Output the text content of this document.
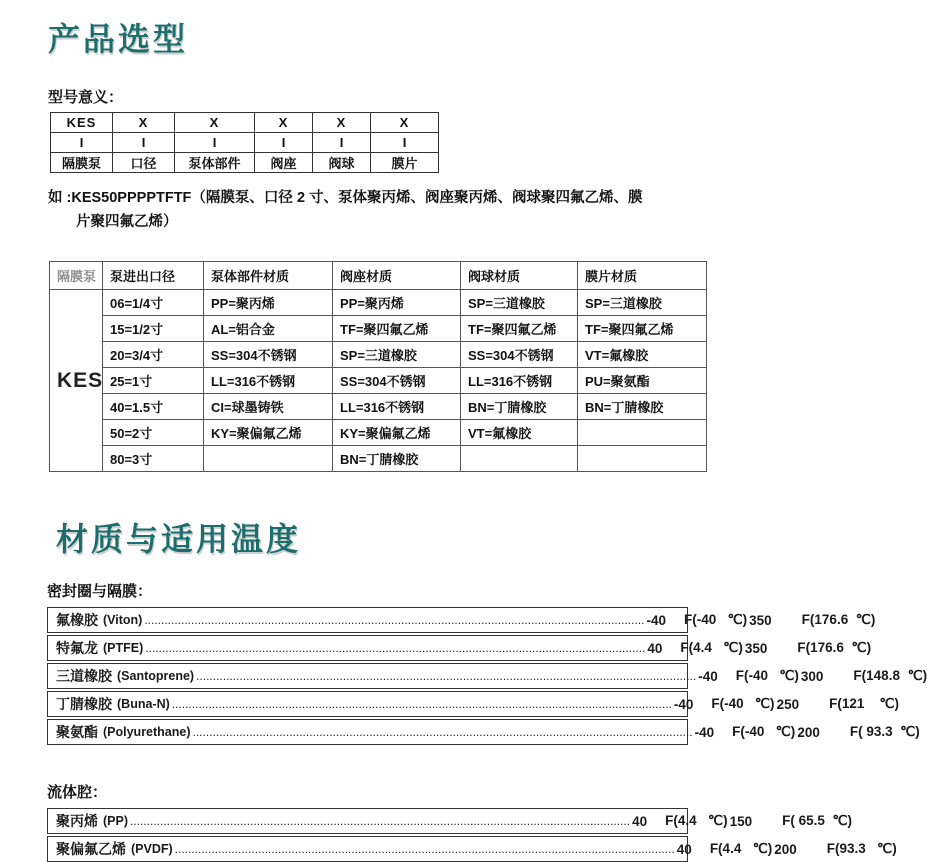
产品选型
型号意义：
KES	X	X	X	X	X
I	I	I	I	I	I
隔膜泵	口径	泵体部件	阀座	阀球	膜片
如 :KES50PPPPTFTF（隔膜泵、口径 2 寸、泵体聚丙烯、阀座聚丙烯、阀球聚四氟乙烯、膜
片聚四氟乙烯）
隔膜泵	泵进出口径	泵体部件材质	阀座材质	阀球材质	膜片材质
KES	06=1/4寸	PP=聚丙烯	PP=聚丙烯	SP=三道橡胶	SP=三道橡胶
	15=1/2寸	AL=铝合金	TF=聚四氟乙烯	TF=聚四氟乙烯	TF=聚四氟乙烯
	20=3/4寸	SS=304不锈钢	SP=三道橡胶	SS=304不锈钢	VT=氟橡胶
	25=1寸	LL=316不锈钢	SS=304不锈钢	LL=316不锈钢	PU=聚氨酯
	40=1.5寸	CI=球墨铸铁	LL=316不锈钢	BN=丁腈橡胶	BN=丁腈橡胶
	50=2寸	KY=聚偏氟乙烯	KY=聚偏氟乙烯	VT=氟橡胶	
	80=3寸		BN=丁腈橡胶		
材质与适用温度
密封圈与隔膜：
氟橡胶 (Viton) .....	-40 F(-40   ℃) 350 F(176.6  ℃)
特氟龙 (PTFE) .....	40 F(4.4   ℃) 350 F(176.6  ℃)
三道橡胶 (Santoprene) .....	-40 F(-40   ℃) 300 F(148.8  ℃)
丁腈橡胶 (Buna-N) .....	-40 F(-40   ℃) 250 F(121    ℃)
聚氨酯 (Polyurethane) .....	-40 F(-40   ℃) 200 F( 93.3  ℃)
流体腔：
聚丙烯 (PP) .....	40 F(4.4   ℃) 150 F( 65.5  ℃)
聚偏氟乙烯 (PVDF) .....	40 F(4.4   ℃) 200 F(93.3   ℃)
